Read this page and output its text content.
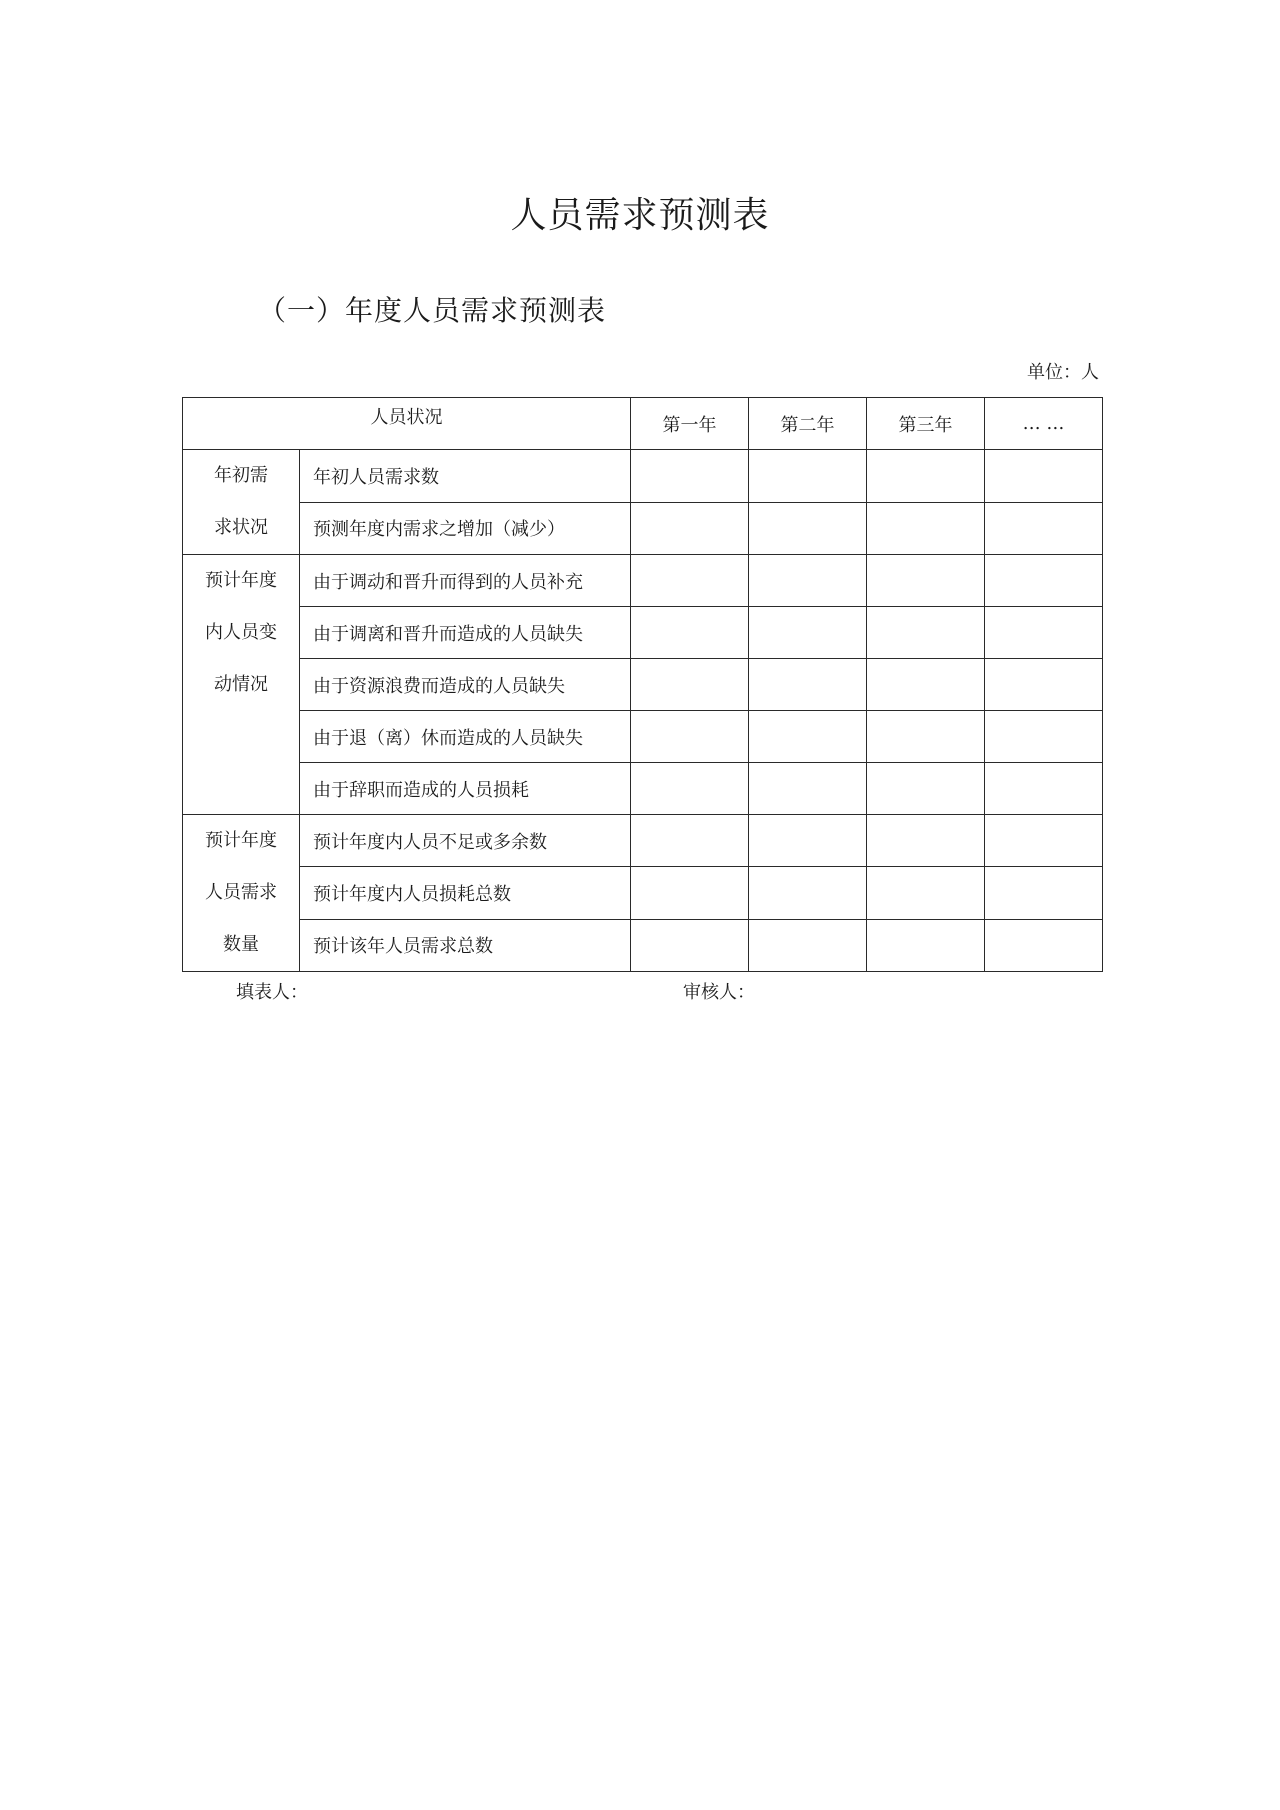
人员需求预测表
（一）年度人员需求预测表
单位：人
人员状况		第一年	第二年	第三年	… …

年初需
求状况	年初人员需求数				
	预测年度内需求之增加（减少）				

预计年度
内人员变
动情况	由于调动和晋升而得到的人员补充				
	由于调离和晋升而造成的人员缺失				
	由于资源浪费而造成的人员缺失				
	由于退（离）休而造成的人员缺失				
	由于辞职而造成的人员损耗				

预计年度
人员需求
数量	预计年度内人员不足或多余数				
	预计年度内人员损耗总数				
	预计该年人员需求总数				
填表人：	审核人：
